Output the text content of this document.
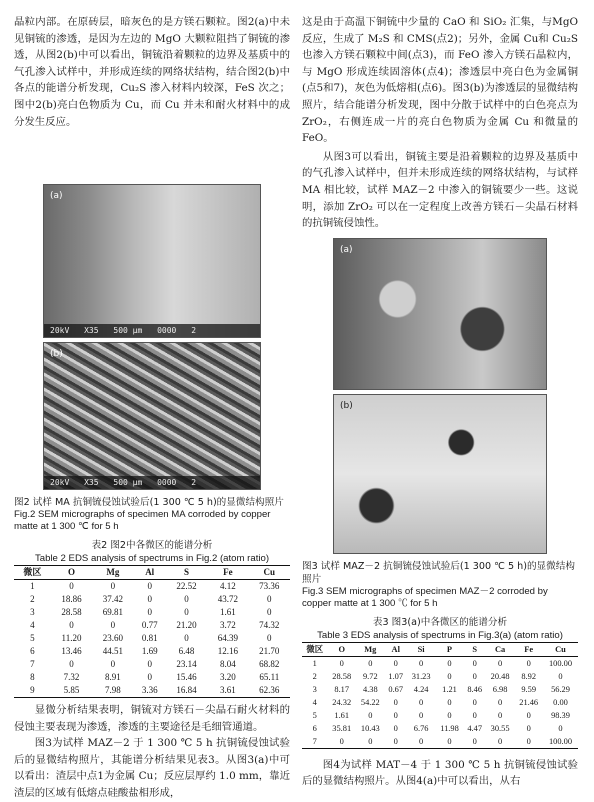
晶粒内部。在原砖层，暗灰色的是方镁石颗粒。图2(a)中未见铜锍的渗透，是因为左边的 MgO 大颗粒阻挡了铜锍的渗透，从图2(b)中可以看出，铜锍沿着颗粒的边界及基质中的气孔渗入试样中，并形成连续的网络状结构，结合图2(b)中各点的能谱分析发现，Cu₂S 渗入材料内较深，FeS 次之；图中2(b)亮白色物质为 Cu，而 Cu 并未和耐火材料中的成分发生反应。

(a)
20kV X35 500 μm 0000 2
(b)
20kV X35 500 μm 0000 2

图2 试样 MA 抗铜锍侵蚀试验后(1 300 ℃ 5 h)的显微结构照片

Fig.2 SEM micrographs of specimen MA corroded by copper matte at 1 300 ℃ for 5 h

表2 图2中各微区的能谱分析

Table 2 EDS analysis of spectrums in Fig.2 (atom ratio)

微区	O	Mg	Al	S	Fe	Cu
1	0	0	0	22.52	4.12	73.36
2	18.86	37.42	0	0	43.72	0
3	28.58	69.81	0	0	1.61	0
4	0	0	0.77	21.20	3.72	74.32
5	11.20	23.60	0.81	0	64.39	0
6	13.46	44.51	1.69	6.48	12.16	21.70
7	0	0	0	23.14	8.04	68.82
8	7.32	8.91	0	15.46	3.20	65.11
9	5.85	7.98	3.36	16.84	3.61	62.36

显微分析结果表明，铜锍对方镁石－尖晶石耐火材料的侵蚀主要表现为渗透，渗透的主要途径是毛细管通道。

图3为试样 MAZ－2 于 1 300 ℃ 5 h 抗铜锍侵蚀试验后的显微结构照片，其能谱分析结果见表3。从图3(a)中可以看出：渣层中点1为金属 Cu；反应层厚约 1.0 mm，靠近渣层的区域有低熔点硅酸盐相形成，

这是由于高温下铜锍中少量的 CaO 和 SiO₂ 汇集，与MgO 反应，生成了 M₂S 和 CMS(点2)；另外，金属 Cu和 Cu₂S 也渗入方镁石颗粒中间(点3)，而 FeO 渗入方镁石晶粒内，与 MgO 形成连续固溶体(点4)；渗透层中亮白色为金属铜(点5和7)，灰色为低熔相(点6)。图3(b)为渗透层的显微结构照片，结合能谱分析发现，图中分散于试样中的白色亮点为 ZrO₂，右侧连成一片的亮白色物质为金属 Cu 和微量的 FeO。

从图3可以看出，铜锍主要是沿着颗粒的边界及基质中的气孔渗入试样中，但并未形成连续的网络状结构，与试样 MA 相比较，试样 MAZ－2 中渗入的铜锍要少一些。这说明，添加 ZrO₂ 可以在一定程度上改善方镁石－尖晶石材料的抗铜锍侵蚀性。

(a)
(b)

图3 试样 MAZ－2 抗铜锍侵蚀试验后(1 300 ℃ 5 h)的显微结构照片

Fig.3 SEM micrographs of specimen MAZ－2 corroded by copper matte at 1 300 ℃ for 5 h

表3 图3(a)中各微区的能谱分析

Table 3 EDS analysis of spectrums in Fig.3(a) (atom ratio)

微区	O	Mg	Al	Si	P	S	Ca	Fe	Cu
1	0	0	0	0	0	0	0	0	100.00
2	28.58	9.72	1.07	31.23	0	0	20.48	8.92	0
3	8.17	4.38	0.67	4.24	1.21	8.46	6.98	9.59	56.29
4	24.32	54.22	0	0	0	0	0	21.46	0.00
5	1.61	0	0	0	0	0	0	0	98.39
6	35.81	10.43	0	6.76	11.98	4.47	30.55	0	0
7	0	0	0	0	0	0	0	0	100.00

图4为试样 MAT－4 于 1 300 ℃ 5 h 抗铜锍侵蚀试验后的显微结构照片。从图4(a)中可以看出，从右
